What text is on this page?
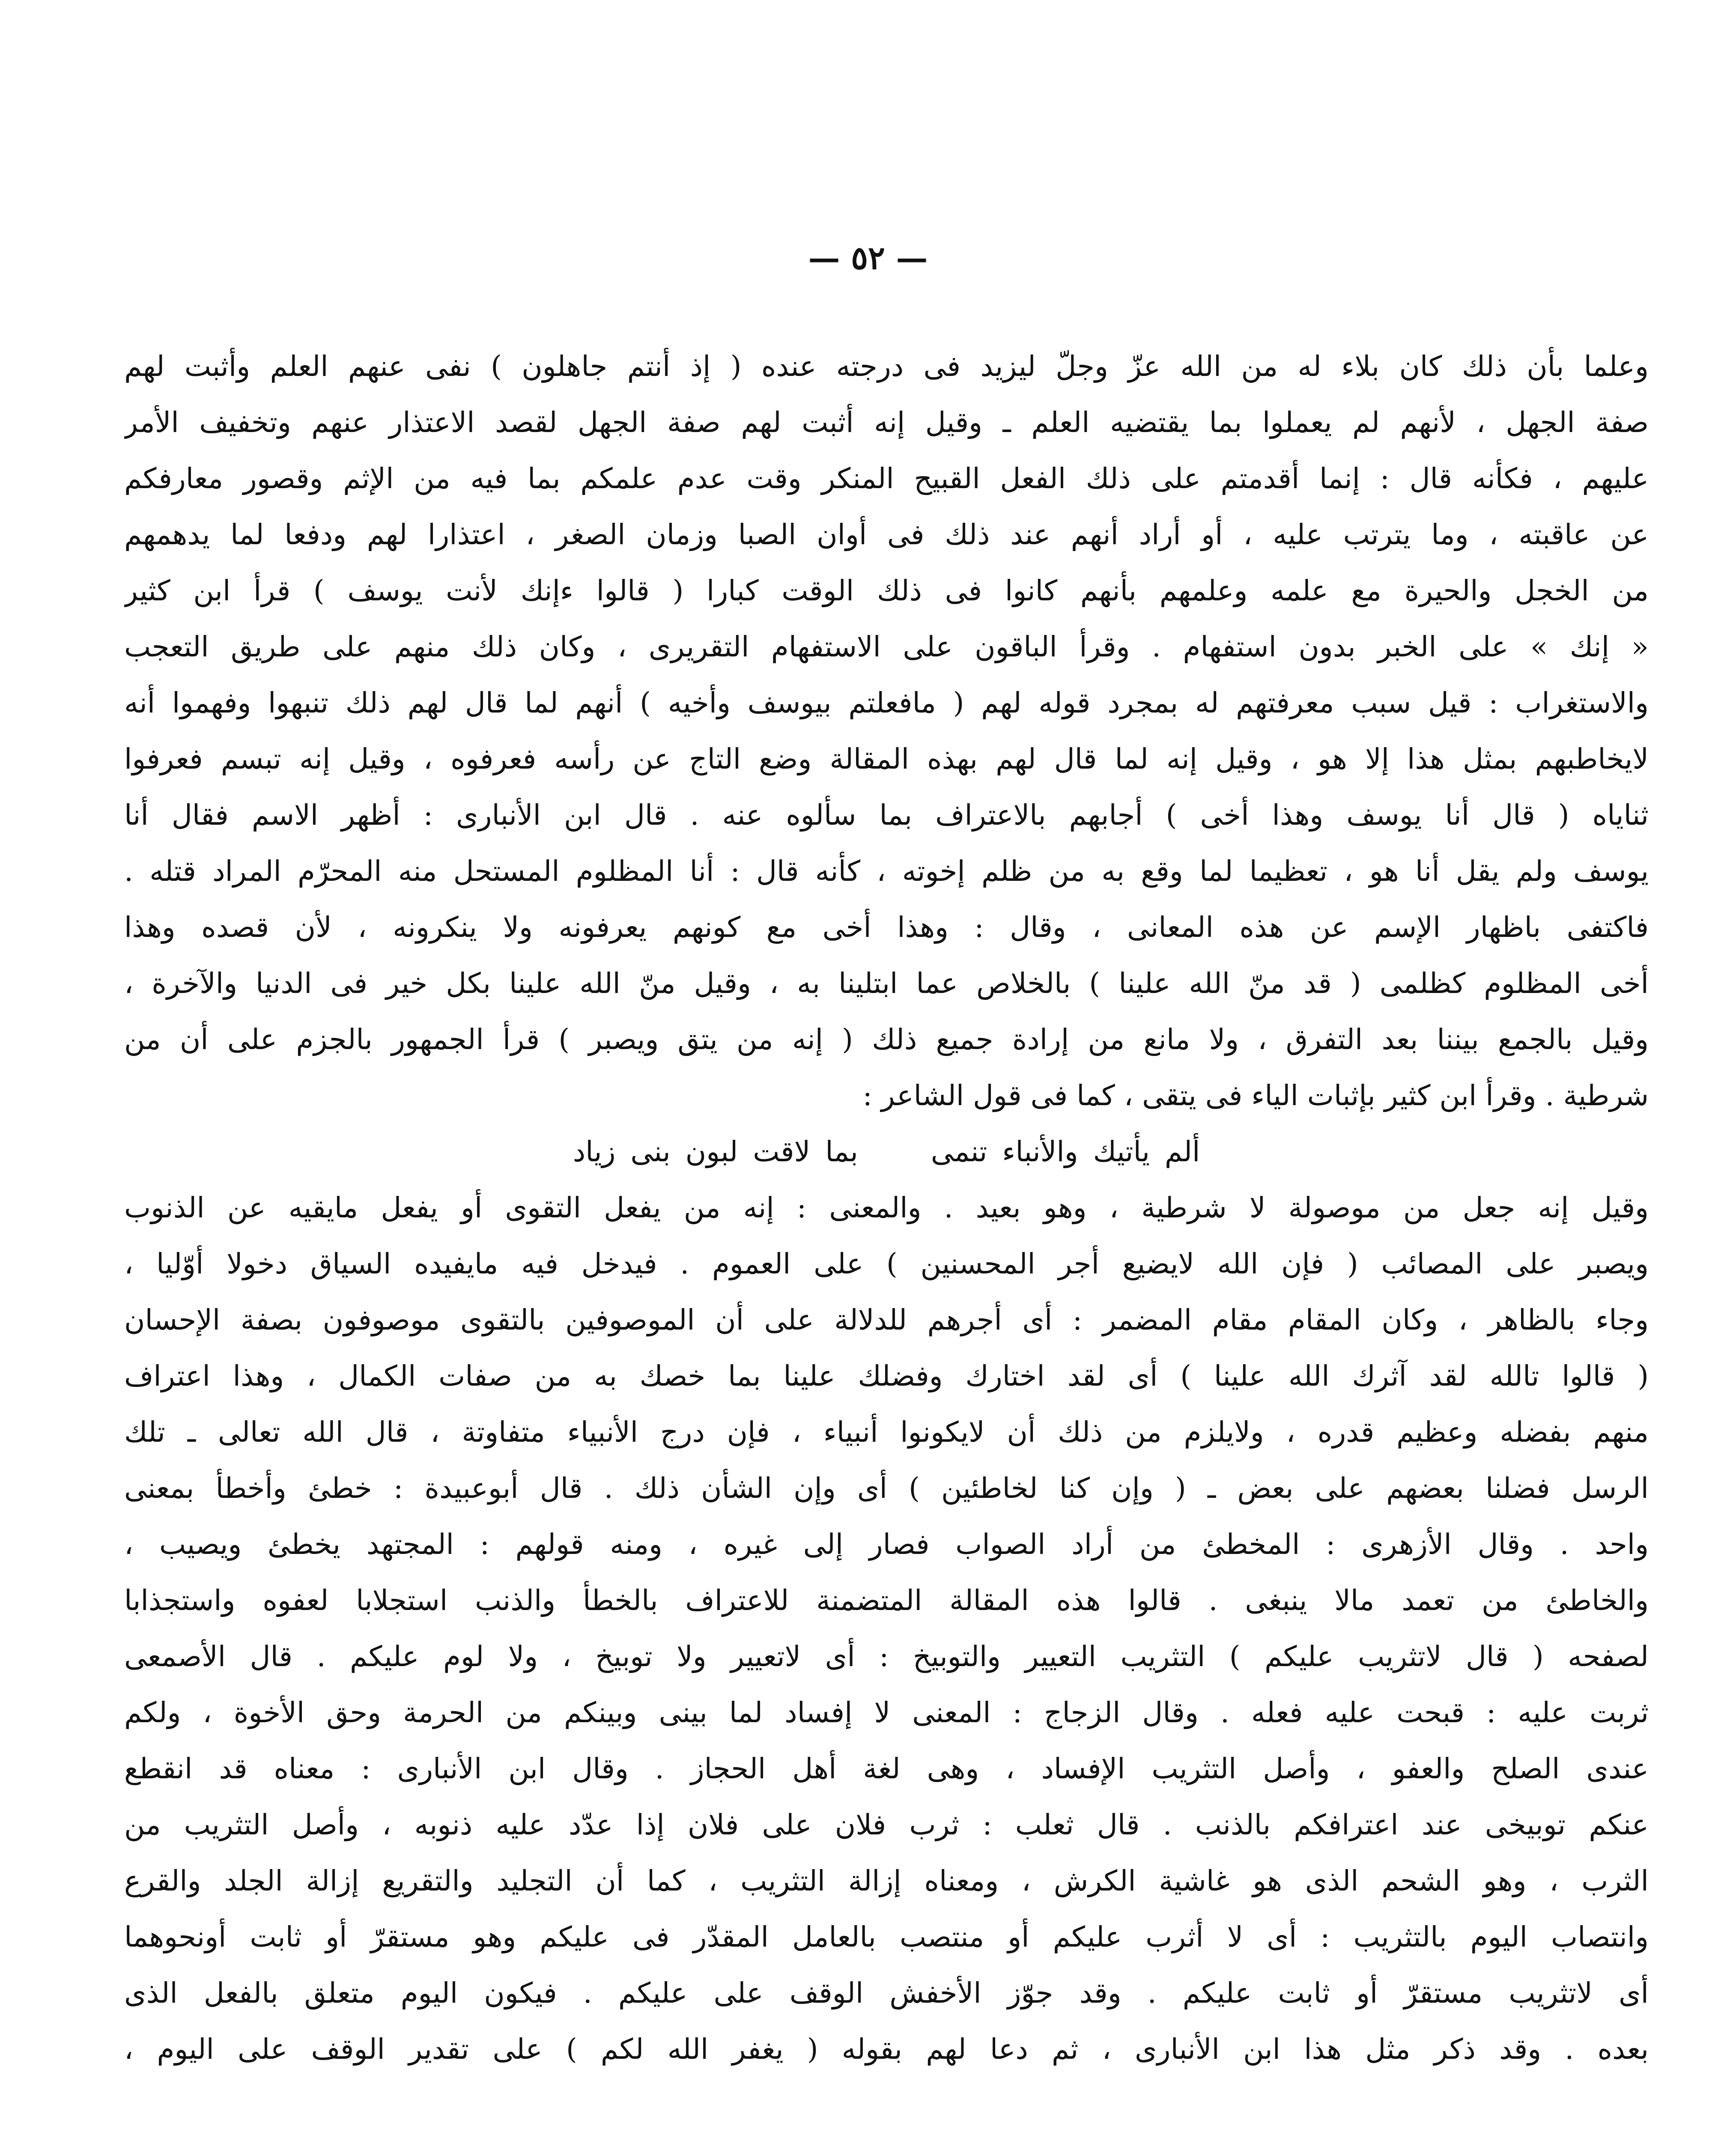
— ٥٢ —
وعلما بأن ذلك كان بلاء له من الله عزّ وجلّ ليزيد فى درجته عنده ( إذ أنتم جاهلون ) نفى عنهم العلم وأثبت لهم
صفة الجهل ، لأنهم لم يعملوا بما يقتضيه العلم ـ وقيل إنه أثبت لهم صفة الجهل لقصد الاعتذار عنهم وتخفيف الأمر
عليهم ، فكأنه قال : إنما أقدمتم على ذلك الفعل القبيح المنكر وقت عدم علمكم بما فيه من الإثم وقصور معارفكم
عن عاقبته ، وما يترتب عليه ، أو أراد أنهم عند ذلك فى أوان الصبا وزمان الصغر ، اعتذارا لهم ودفعا لما يدهمهم
من الخجل والحيرة مع علمه وعلمهم بأنهم كانوا فى ذلك الوقت كبارا ( قالوا ءإنك لأنت يوسف ) قرأ ابن كثير
« إنك » على الخبر بدون استفهام . وقرأ الباقون على الاستفهام التقريرى ، وكان ذلك منهم على طريق التعجب
والاستغراب : قيل سبب معرفتهم له بمجرد قوله لهم ( مافعلتم بيوسف وأخيه ) أنهم لما قال لهم ذلك تنبهوا وفهموا أنه
لايخاطبهم بمثل هذا إلا هو ، وقيل إنه لما قال لهم بهذه المقالة وضع التاج عن رأسه فعرفوه ، وقيل إنه تبسم فعرفوا
ثناياه ( قال أنا يوسف وهذا أخى ) أجابهم بالاعتراف بما سألوه عنه . قال ابن الأنبارى : أظهر الاسم فقال أنا
يوسف ولم يقل أنا هو ، تعظيما لما وقع به من ظلم إخوته ، كأنه قال : أنا المظلوم المستحل منه المحرّم المراد قتله .
فاكتفى باظهار الإسم عن هذه المعانى ، وقال : وهذا أخى مع كونهم يعرفونه ولا ينكرونه ، لأن قصده وهذا
أخى المظلوم كظلمى ( قد منّ الله علينا ) بالخلاص عما ابتلينا به ، وقيل منّ الله علينا بكل خير فى الدنيا والآخرة ،
وقيل بالجمع بيننا بعد التفرق ، ولا مانع من إرادة جميع ذلك ( إنه من يتق ويصبر ) قرأ الجمهور بالجزم على أن من
شرطية . وقرأ ابن كثير بإثبات الياء فى يتقى ، كما فى قول الشاعر :
ألم يأتيك والأنباء تنمىبما لاقت لبون بنى زياد
وقيل إنه جعل من موصولة لا شرطية ، وهو بعيد . والمعنى : إنه من يفعل التقوى أو يفعل مايقيه عن الذنوب
ويصبر على المصائب ( فإن الله لايضيع أجر المحسنين ) على العموم . فيدخل فيه مايفيده السياق دخولا أوّليا ،
وجاء بالظاهر ، وكان المقام مقام المضمر : أى أجرهم للدلالة على أن الموصوفين بالتقوى موصوفون بصفة الإحسان
( قالوا تالله لقد آثرك الله علينا ) أى لقد اختارك وفضلك علينا بما خصك به من صفات الكمال ، وهذا اعتراف
منهم بفضله وعظيم قدره ، ولايلزم من ذلك أن لايكونوا أنبياء ، فإن درج الأنبياء متفاوتة ، قال الله تعالى ـ تلك
الرسل فضلنا بعضهم على بعض ـ ( وإن كنا لخاطئين ) أى وإن الشأن ذلك . قال أبوعبيدة : خطئ وأخطأ بمعنى
واحد . وقال الأزهرى : المخطئ من أراد الصواب فصار إلى غيره ، ومنه قولهم : المجتهد يخطئ ويصيب ،
والخاطئ من تعمد مالا ينبغى . قالوا هذه المقالة المتضمنة للاعتراف بالخطأ والذنب استجلابا لعفوه واستجذابا
لصفحه ( قال لاتثريب عليكم ) التثريب التعيير والتوبيخ : أى لاتعيير ولا توبيخ ، ولا لوم عليكم . قال الأصمعى
ثربت عليه : قبحت عليه فعله . وقال الزجاج : المعنى لا إفساد لما بينى وبينكم من الحرمة وحق الأخوة ، ولكم
عندى الصلح والعفو ، وأصل التثريب الإفساد ، وهى لغة أهل الحجاز . وقال ابن الأنبارى : معناه قد انقطع
عنكم توبيخى عند اعترافكم بالذنب . قال ثعلب : ثرب فلان على فلان إذا عدّد عليه ذنوبه ، وأصل التثريب من
الثرب ، وهو الشحم الذى هو غاشية الكرش ، ومعناه إزالة التثريب ، كما أن التجليد والتقريع إزالة الجلد والقرع
وانتصاب اليوم بالتثريب : أى لا أثرب عليكم أو منتصب بالعامل المقدّر فى عليكم وهو مستقرّ أو ثابت أونحوهما
أى لاتثريب مستقرّ أو ثابت عليكم . وقد جوّز الأخفش الوقف على عليكم . فيكون اليوم متعلق بالفعل الذى
بعده . وقد ذكر مثل هذا ابن الأنبارى ، ثم دعا لهم بقوله ( يغفر الله لكم ) على تقدير الوقف على اليوم ،
